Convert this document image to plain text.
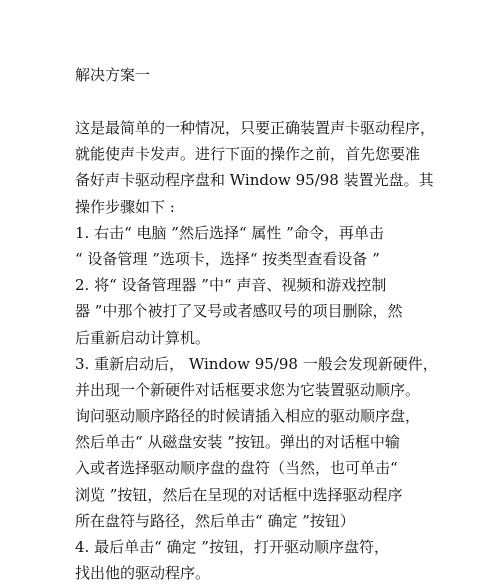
解决方案一
这是最简单的一种情况，只要正确装置声卡驱动程序，
就能使声卡发声。进行下面的操作之前，首先您要准
备好声卡驱动程序盘和 Window 95/98 装置光盘。其
操作步骤如下 :
1. 右击“ 电脑 ”然后选择“ 属性 ”命令，再单击
“ 设备管理 ”选项卡，选择“ 按类型查看设备 ”
2. 将“ 设备管理器 ”中“ 声音、视频和游戏控制
器 ”中那个被打了叉号或者感叹号的项目删除，然
后重新启动计算机。
3. 重新启动后， Window 95/98 一般会发现新硬件，
并出现一个新硬件对话框要求您为它装置驱动顺序。
询问驱动顺序路径的时候请插入相应的驱动顺序盘，
然后单击“ 从磁盘安装 ”按钮。弹出的对话框中输
入或者选择驱动顺序盘的盘符（当然，也可单击“
浏览 ”按钮，然后在呈现的对话框中选择驱动程序
所在盘符与路径，然后单击“ 确定 ”按钮）
4. 最后单击“ 确定 ”按钮，打开驱动顺序盘符，
找出他的驱动程序。
